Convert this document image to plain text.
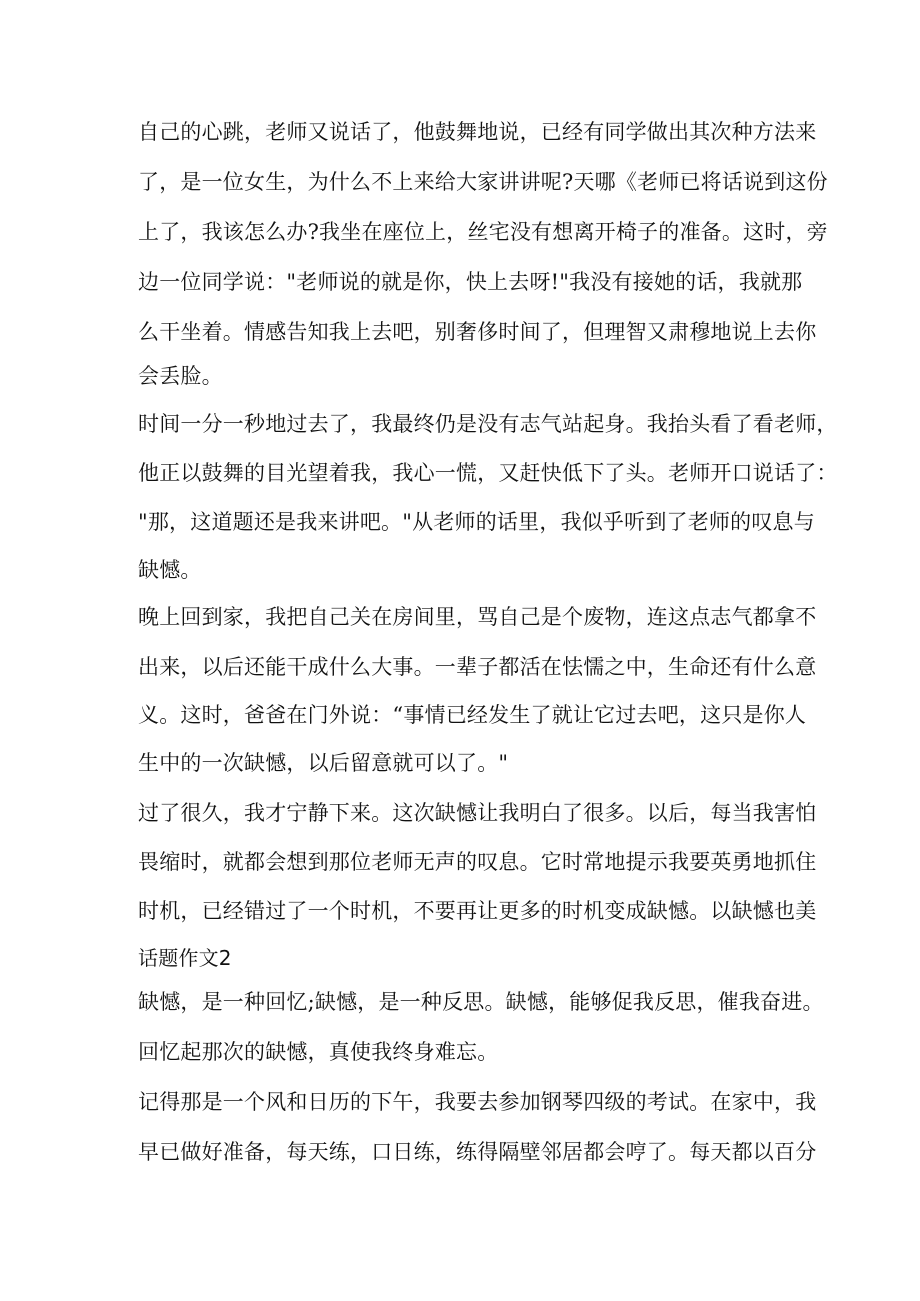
自己的心跳，老师又说话了，他鼓舞地说，已经有同学做出其次种方法来

了，是一位女生，为什么不上来给大家讲讲呢?天哪《老师已将话说到这份

上了，我该怎么办?我坐在座位上，丝宅没有想离开椅子的准备。这时，旁

边一位同学说："老师说的就是你，快上去呀!"我没有接她的话，我就那

么干坐着。情感告知我上去吧，别奢侈时间了，但理智又肃穆地说上去你

会丢脸。

时间一分一秒地过去了，我最终仍是没有志气站起身。我抬头看了看老师，

他正以鼓舞的目光望着我，我心一慌，又赶快低下了头。老师开口说话了：

"那，这道题还是我来讲吧。"从老师的话里，我似乎听到了老师的叹息与

缺憾。

晚上回到家，我把自己关在房间里，骂自己是个废物，连这点志气都拿不

出来，以后还能干成什么大事。一辈子都活在怯懦之中，生命还有什么意

义。这时，爸爸在门外说：“事情已经发生了就让它过去吧，这只是你人

生中的一次缺憾，以后留意就可以了。"

过了很久，我才宁静下来。这次缺憾让我明白了很多。以后，每当我害怕

畏缩时，就都会想到那位老师无声的叹息。它时常地提示我要英勇地抓住

时机，已经错过了一个时机，不要再让更多的时机变成缺憾。以缺憾也美

话题作文2

缺憾，是一种回忆;缺憾，是一种反思。缺憾，能够促我反思，催我奋进。

回忆起那次的缺憾，真使我终身难忘。

记得那是一个风和日历的下午，我要去参加钢琴四级的考试。在家中，我

早已做好准备，每天练，口日练，练得隔壁邻居都会哼了。每天都以百分
